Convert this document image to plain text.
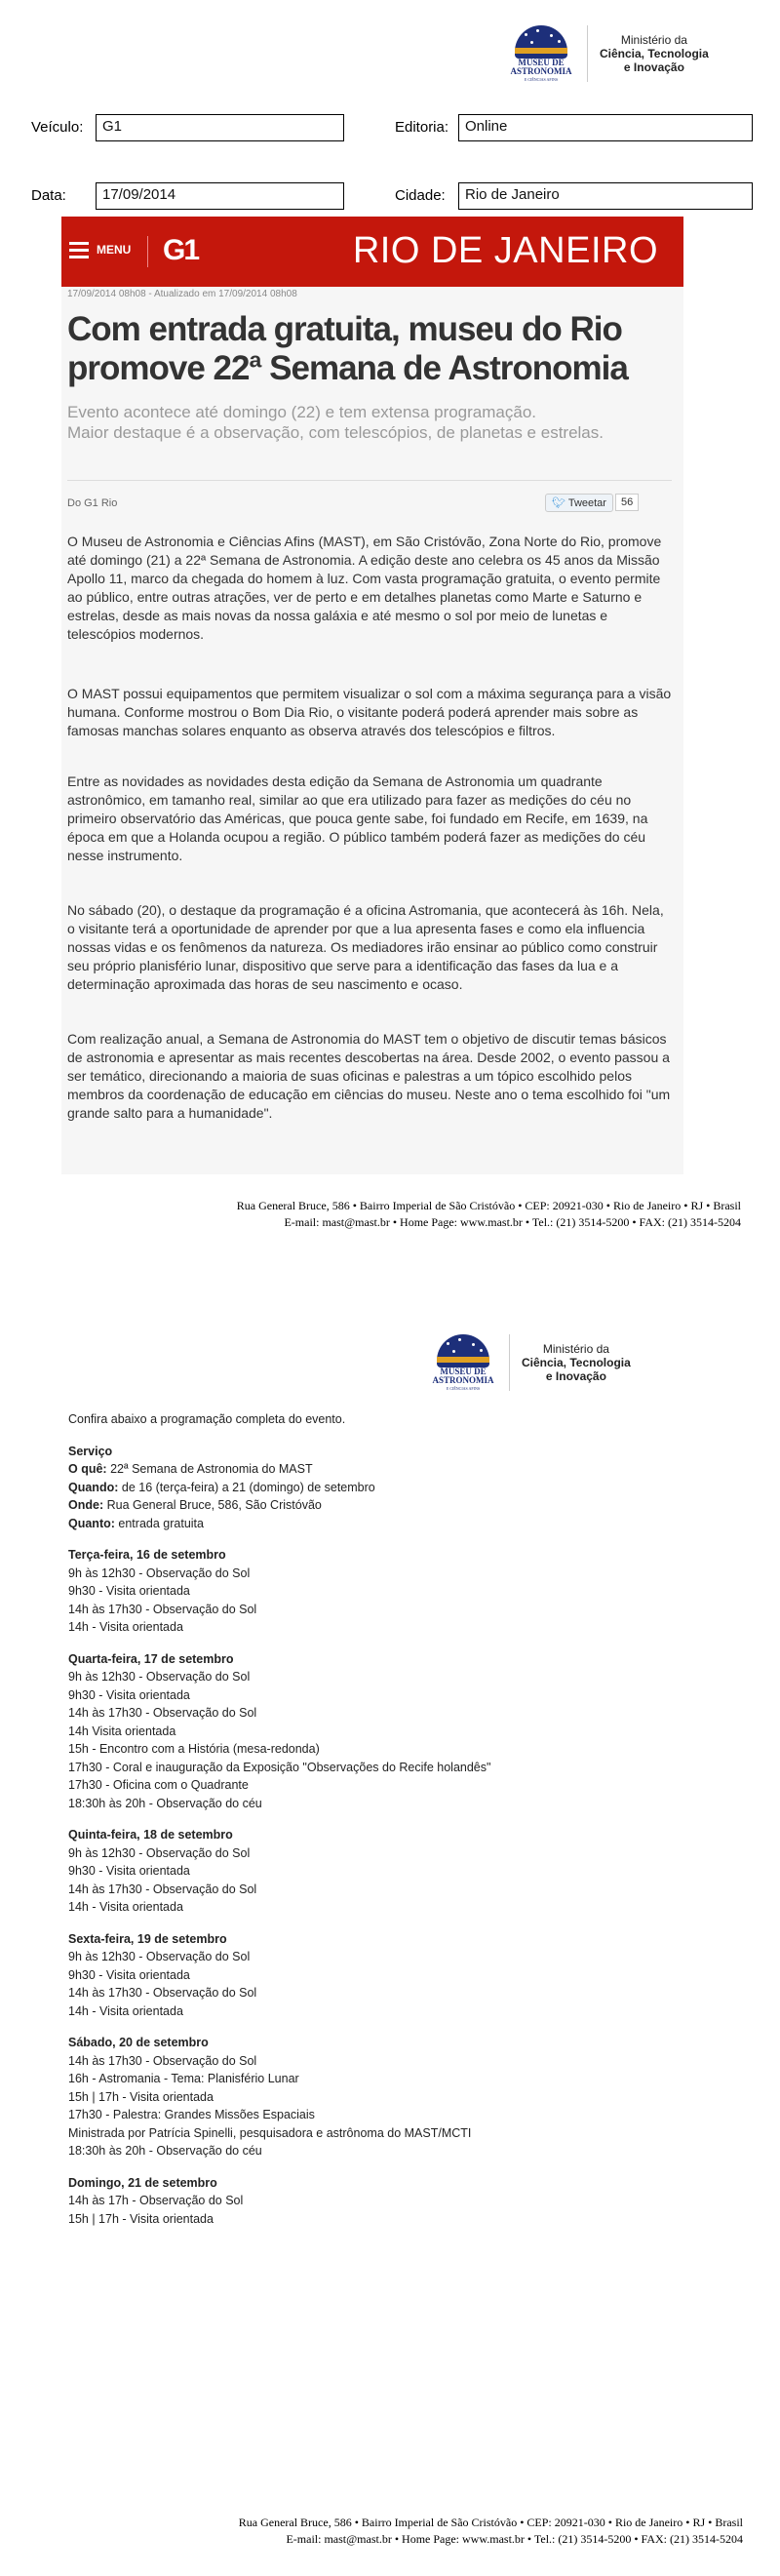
MUSEU DE
ASTRONOMIA
E CIÊNCIAS AFINS
Ministério da
Ciência, Tecnologia
e Inovação
Veículo:	G1	Editoria:	Online
Data:	17/09/2014	Cidade:	Rio de Janeiro
MENU G1	RIO DE JANEIRO
17/09/2014 08h08 - Atualizado em 17/09/2014 08h08
Com entrada gratuita, museu do Rio
promove 22ª Semana de Astronomia
Evento acontece até domingo (22) e tem extensa programação.
Maior destaque é a observação, com telescópios, de planetas e estrelas.
Do G1 Rio	🐦︎ Tweetar	56
O Museu de Astronomia e Ciências Afins (MAST), em São Cristóvão, Zona Norte do Rio, promove até domingo (21) a 22ª Semana de Astronomia. A edição deste ano celebra os 45 anos da Missão Apollo 11, marco da chegada do homem à luz. Com vasta programação gratuita, o evento permite ao público, entre outras atrações, ver de perto e em detalhes planetas como Marte e Saturno e estrelas, desde as mais novas da nossa galáxia e até mesmo o sol por meio de lunetas e telescópios modernos.
O MAST possui equipamentos que permitem visualizar o sol com a máxima segurança para a visão humana. Conforme mostrou o Bom Dia Rio, o visitante poderá poderá aprender mais sobre as famosas manchas solares enquanto as observa através dos telescópios e filtros.
Entre as novidades as novidades desta edição da Semana de Astronomia um quadrante astronômico, em tamanho real, similar ao que era utilizado para fazer as medições do céu no primeiro observatório das Américas, que pouca gente sabe, foi fundado em Recife, em 1639, na época em que a Holanda ocupou a região. O público também poderá fazer as medições do céu nesse instrumento.
No sábado (20), o destaque da programação é a oficina Astromania, que acontecerá às 16h. Nela, o visitante terá a oportunidade de aprender por que a lua apresenta fases e como ela influencia nossas vidas e os fenômenos da natureza. Os mediadores irão ensinar ao público como construir seu próprio planisfério lunar, dispositivo que serve para a identificação das fases da lua e a determinação aproximada das horas de seu nascimento e ocaso.
Com realização anual, a Semana de Astronomia do MAST tem o objetivo de discutir temas básicos de astronomia e apresentar as mais recentes descobertas na área. Desde 2002, o evento passou a ser temático, direcionando a maioria de suas oficinas e palestras a um tópico escolhido pelos membros da coordenação de educação em ciências do museu. Neste ano o tema escolhido foi "um grande salto para a humanidade".
Rua General Bruce, 586 • Bairro Imperial de São Cristóvão • CEP: 20921-030 • Rio de Janeiro • RJ • Brasil
E-mail: mast@mast.br • Home Page: www.mast.br • Tel.: (21) 3514-5200 • FAX: (21) 3514-5204
MUSEU DE
ASTRONOMIA
E CIÊNCIAS AFINS
Ministério da
Ciência, Tecnologia
e Inovação
Confira abaixo a programação completa do evento.
Serviço
O quê: 22ª Semana de Astronomia do MAST
Quando: de 16 (terça-feira) a 21 (domingo) de setembro
Onde: Rua General Bruce, 586, São Cristóvão
Quanto: entrada gratuita
Terça-feira, 16 de setembro
9h às 12h30 - Observação do Sol
9h30 - Visita orientada
14h às 17h30 - Observação do Sol
14h - Visita orientada
Quarta-feira, 17 de setembro
9h às 12h30 - Observação do Sol
9h30 - Visita orientada
14h às 17h30 - Observação do Sol
14h Visita orientada
15h - Encontro com a História (mesa-redonda)
17h30 - Coral e inauguração da Exposição "Observações do Recife holandês"
17h30 - Oficina com o Quadrante
18:30h às 20h - Observação do céu
Quinta-feira, 18 de setembro
9h às 12h30 - Observação do Sol
9h30 - Visita orientada
14h às 17h30 - Observação do Sol
14h - Visita orientada
Sexta-feira, 19 de setembro
9h às 12h30 - Observação do Sol
9h30 - Visita orientada
14h às 17h30 - Observação do Sol
14h - Visita orientada
Sábado, 20 de setembro
14h às 17h30 - Observação do Sol
16h - Astromania - Tema: Planisfério Lunar
15h | 17h - Visita orientada
17h30 - Palestra: Grandes Missões Espaciais
Ministrada por Patrícia Spinelli, pesquisadora e astrônoma do MAST/MCTI
18:30h às 20h - Observação do céu
Domingo, 21 de setembro
14h às 17h - Observação do Sol
15h | 17h - Visita orientada
Rua General Bruce, 586 • Bairro Imperial de São Cristóvão • CEP: 20921-030 • Rio de Janeiro • RJ • Brasil
E-mail: mast@mast.br • Home Page: www.mast.br • Tel.: (21) 3514-5200 • FAX: (21) 3514-5204
